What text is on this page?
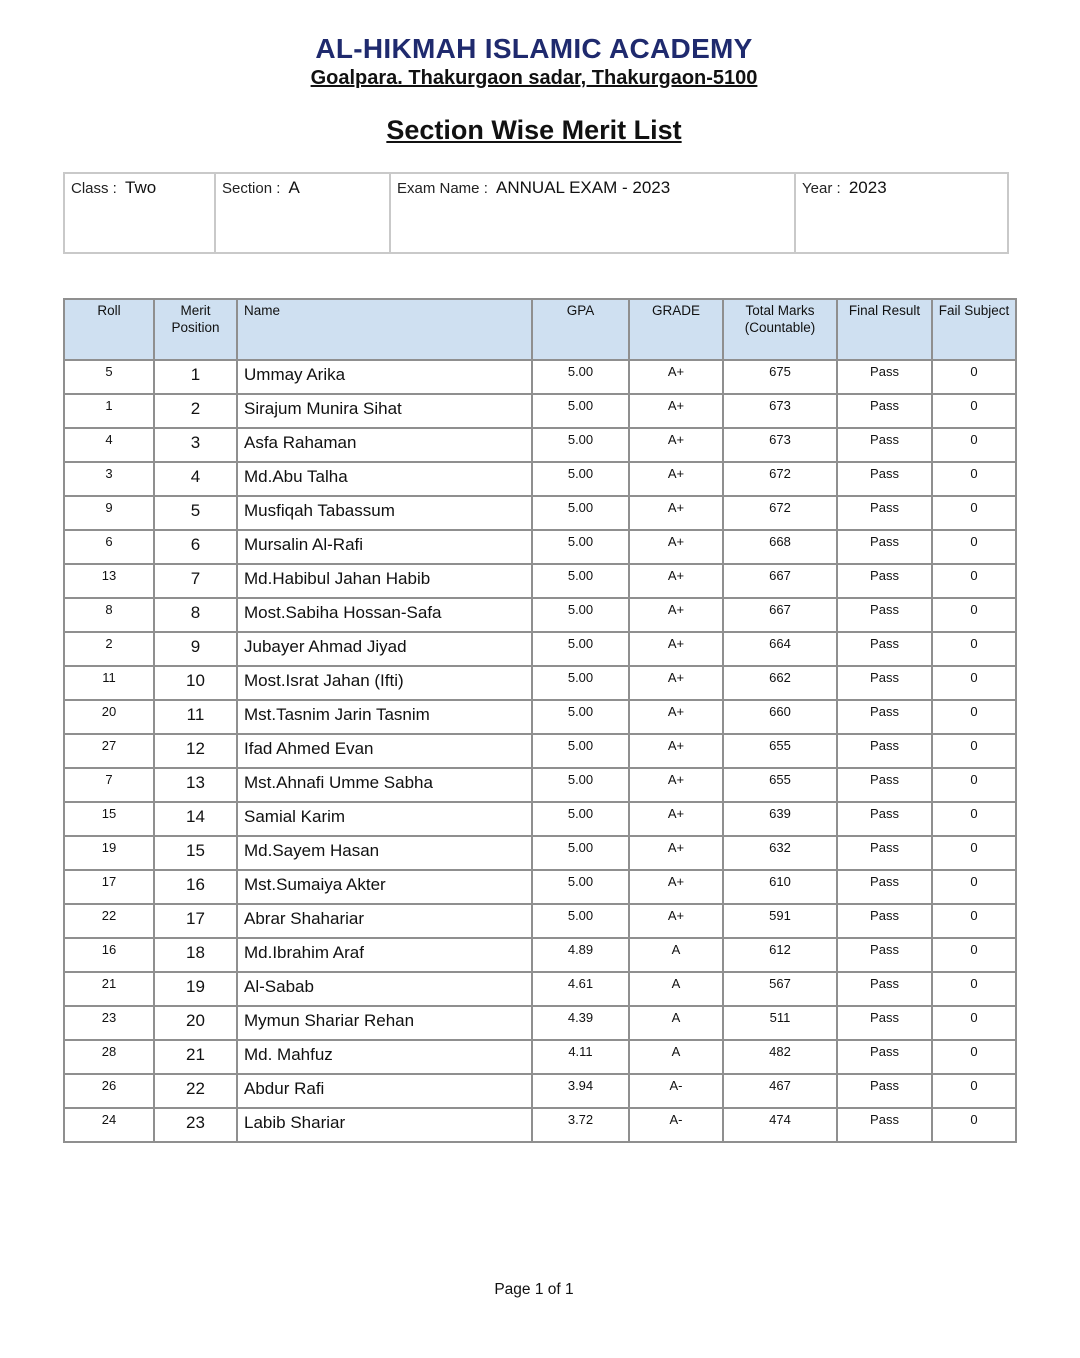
AL-HIKMAH ISLAMIC ACADEMY
Goalpara. Thakurgaon sadar, Thakurgaon-5100
Section Wise Merit List
Class : Two	Section : A	Exam Name : ANNUAL EXAM - 2023	Year : 2023
Roll	Merit Position	Name	GPA	GRADE	Total Marks (Countable)	Final Result	Fail Subject
5	1	Ummay Arika	5.00	A+	675	Pass	0
1	2	Sirajum Munira Sihat	5.00	A+	673	Pass	0
4	3	Asfa Rahaman	5.00	A+	673	Pass	0
3	4	Md.Abu Talha	5.00	A+	672	Pass	0
9	5	Musfiqah Tabassum	5.00	A+	672	Pass	0
6	6	Mursalin Al-Rafi	5.00	A+	668	Pass	0
13	7	Md.Habibul Jahan Habib	5.00	A+	667	Pass	0
8	8	Most.Sabiha Hossan-Safa	5.00	A+	667	Pass	0
2	9	Jubayer Ahmad Jiyad	5.00	A+	664	Pass	0
11	10	Most.Israt Jahan (Ifti)	5.00	A+	662	Pass	0
20	11	Mst.Tasnim Jarin Tasnim	5.00	A+	660	Pass	0
27	12	Ifad Ahmed Evan	5.00	A+	655	Pass	0
7	13	Mst.Ahnafi Umme Sabha	5.00	A+	655	Pass	0
15	14	Samial Karim	5.00	A+	639	Pass	0
19	15	Md.Sayem Hasan	5.00	A+	632	Pass	0
17	16	Mst.Sumaiya Akter	5.00	A+	610	Pass	0
22	17	Abrar Shahariar	5.00	A+	591	Pass	0
16	18	Md.Ibrahim Araf	4.89	A	612	Pass	0
21	19	Al-Sabab	4.61	A	567	Pass	0
23	20	Mymun Shariar Rehan	4.39	A	511	Pass	0
28	21	Md. Mahfuz	4.11	A	482	Pass	0
26	22	Abdur Rafi	3.94	A-	467	Pass	0
24	23	Labib Shariar	3.72	A-	474	Pass	0
Page 1 of 1
